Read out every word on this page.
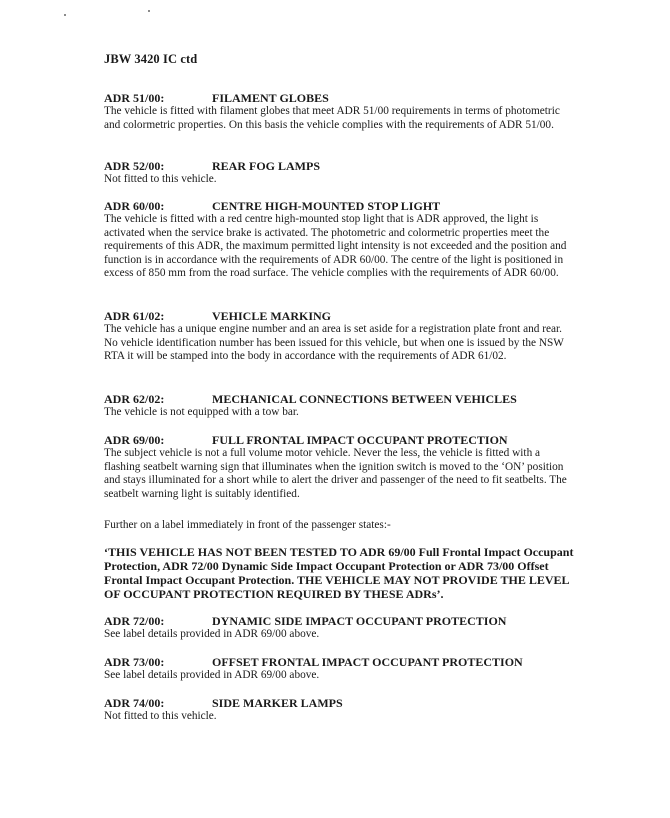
JBW 3420 IC ctd
ADR 51/00:	FILAMENT GLOBES
The vehicle is fitted with filament globes that meet ADR 51/00 requirements in terms of photometric and colormetric properties. On this basis the vehicle complies with the requirements of ADR 51/00.
ADR 52/00:	REAR FOG LAMPS
Not fitted to this vehicle.
ADR 60/00:	CENTRE HIGH-MOUNTED STOP LIGHT
The vehicle is fitted with a red centre high-mounted stop light that is ADR approved, the light is activated when the service brake is activated. The photometric and colormetric properties meet the requirements of this ADR, the maximum permitted light intensity is not exceeded and the position and function is in accordance with the requirements of ADR 60/00. The centre of the light is positioned in excess of 850 mm from the road surface. The vehicle complies with the requirements of ADR 60/00.
ADR 61/02:	VEHICLE MARKING
The vehicle has a unique engine number and an area is set aside for a registration plate front and rear. No vehicle identification number has been issued for this vehicle, but when one is issued by the NSW RTA it will be stamped into the body in accordance with the requirements of ADR 61/02.
ADR 62/02:	MECHANICAL CONNECTIONS BETWEEN VEHICLES
The vehicle is not equipped with a tow bar.
ADR 69/00:	FULL FRONTAL IMPACT OCCUPANT PROTECTION
The subject vehicle is not a full volume motor vehicle. Never the less, the vehicle is fitted with a flashing seatbelt warning sign that illuminates when the ignition switch is moved to the ‘ON’ position and stays illuminated for a short while to alert the driver and passenger of the need to fit seatbelts. The seatbelt warning light is suitably identified.
Further on a label immediately in front of the passenger states:-
‘THIS VEHICLE HAS NOT BEEN TESTED TO ADR 69/00 Full Frontal Impact Occupant Protection, ADR 72/00 Dynamic Side Impact Occupant Protection or ADR 73/00 Offset Frontal Impact Occupant Protection. THE VEHICLE MAY NOT PROVIDE THE LEVEL OF OCCUPANT PROTECTION REQUIRED BY THESE ADRs’.
ADR 72/00:	DYNAMIC SIDE IMPACT OCCUPANT PROTECTION
See label details provided in ADR 69/00 above.
ADR 73/00:	OFFSET FRONTAL IMPACT OCCUPANT PROTECTION
See label details provided in ADR 69/00 above.
ADR 74/00:	SIDE MARKER LAMPS
Not fitted to this vehicle.
